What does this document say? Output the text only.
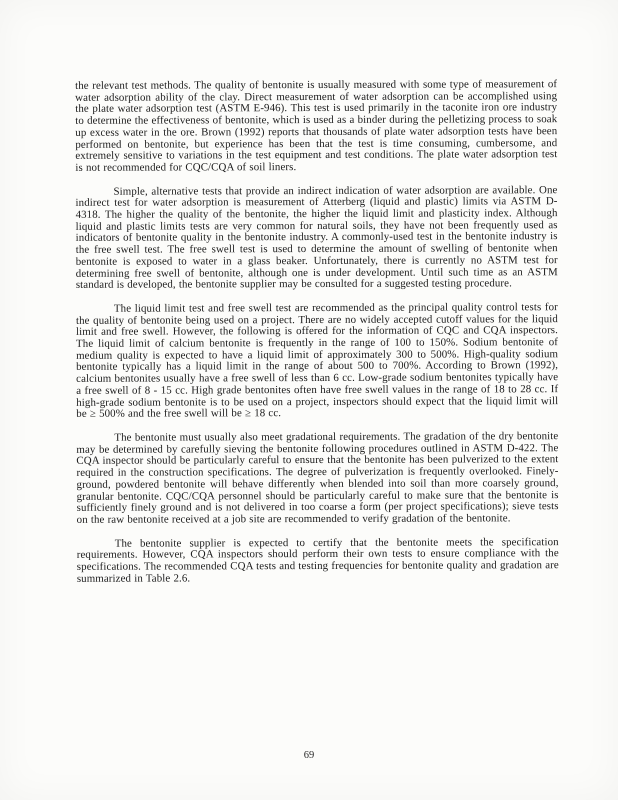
the relevant test methods. The quality of bentonite is usually measured with some type of measurement of water adsorption ability of the clay. Direct measurement of water adsorption can be accomplished using the plate water adsorption test (ASTM E-946). This test is used primarily in the taconite iron ore industry to determine the effectiveness of bentonite, which is used as a binder during the pelletizing process to soak up excess water in the ore. Brown (1992) reports that thousands of plate water adsorption tests have been performed on bentonite, but experience has been that the test is time consuming, cumbersome, and extremely sensitive to variations in the test equipment and test conditions. The plate water adsorption test is not recommended for CQC/CQA of soil liners.

Simple, alternative tests that provide an indirect indication of water adsorption are available. One indirect test for water adsorption is measurement of Atterberg (liquid and plastic) limits via ASTM D-4318. The higher the quality of the bentonite, the higher the liquid limit and plasticity index. Although liquid and plastic limits tests are very common for natural soils, they have not been frequently used as indicators of bentonite quality in the bentonite industry. A commonly-used test in the bentonite industry is the free swell test. The free swell test is used to determine the amount of swelling of bentonite when bentonite is exposed to water in a glass beaker. Unfortunately, there is currently no ASTM test for determining free swell of bentonite, although one is under development. Until such time as an ASTM standard is developed, the bentonite supplier may be consulted for a suggested testing procedure.

The liquid limit test and free swell test are recommended as the principal quality control tests for the quality of bentonite being used on a project. There are no widely accepted cutoff values for the liquid limit and free swell. However, the following is offered for the information of CQC and CQA inspectors. The liquid limit of calcium bentonite is frequently in the range of 100 to 150%. Sodium bentonite of medium quality is expected to have a liquid limit of approximately 300 to 500%. High-quality sodium bentonite typically has a liquid limit in the range of about 500 to 700%. According to Brown (1992), calcium bentonites usually have a free swell of less than 6 cc. Low-grade sodium bentonites typically have a free swell of 8 - 15 cc. High grade bentonites often have free swell values in the range of 18 to 28 cc. If high-grade sodium bentonite is to be used on a project, inspectors should expect that the liquid limit will be ≥ 500% and the free swell will be ≥ 18 cc.

The bentonite must usually also meet gradational requirements. The gradation of the dry bentonite may be determined by carefully sieving the bentonite following procedures outlined in ASTM D-422. The CQA inspector should be particularly careful to ensure that the bentonite has been pulverized to the extent required in the construction specifications. The degree of pulverization is frequently overlooked. Finely-ground, powdered bentonite will behave differently when blended into soil than more coarsely ground, granular bentonite. CQC/CQA personnel should be particularly careful to make sure that the bentonite is sufficiently finely ground and is not delivered in too coarse a form (per project specifications); sieve tests on the raw bentonite received at a job site are recommended to verify gradation of the bentonite.

The bentonite supplier is expected to certify that the bentonite meets the specification requirements. However, CQA inspectors should perform their own tests to ensure compliance with the specifications. The recommended CQA tests and testing frequencies for bentonite quality and gradation are summarized in Table 2.6.

69
